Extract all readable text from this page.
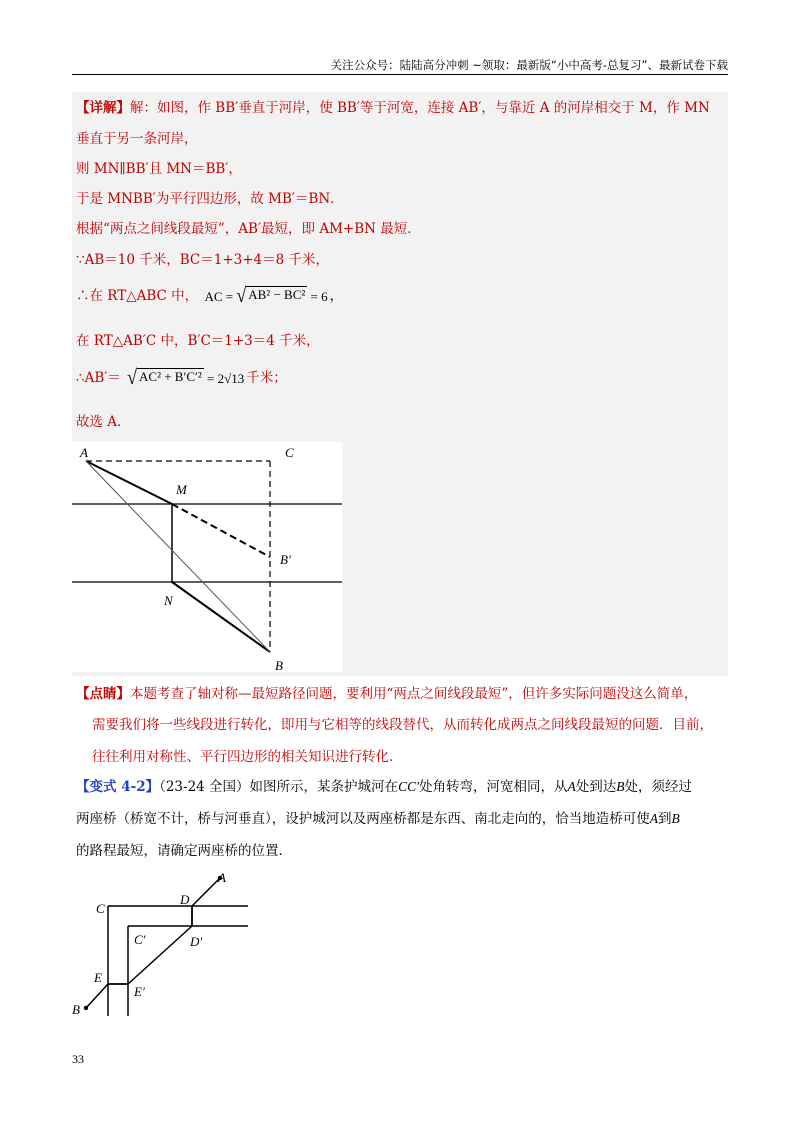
关注公众号：陆陆高分冲刺 ~领取：最新版“小中高考-总复习”、最新试卷下载
【详解】解：如图，作 BB′垂直于河岸，使 BB′等于河宽，连接 AB′，与靠近 A 的河岸相交于 M，作 MN
垂直于另一条河岸，
则 MN∥BB′且 MN＝BB′，
于是 MNBB′为平行四边形，故 MB′＝BN．
根据“两点之间线段最短”，AB′最短，即 AM+BN 最短．
∵AB＝10 千米，BC＝1+3+4＝8 千米，
∴在 RT△ABC 中， AC = √ AB² − BC² = 6 ，
在 RT△AB′C 中，B′C＝1+3＝4 千米，
∴AB′＝ √ AC² + B′C′² = 2√13 千米；
故选 A．
A	C
M
B′
N
B
【点睛】本题考查了轴对称—最短路径问题，要利用“两点之间线段最短”，但许多实际问题没这么简单，
需要我们将一些线段进行转化，即用与它相等的线段替代，从而转化成两点之间线段最短的问题．目前，
往往利用对称性、平行四边形的相关知识进行转化．
【变式 4-2】（23-24 全国）如图所示，某条护城河在CC′处角转弯，河宽相同，从A处到达B处，须经过
两座桥（桥宽不计，桥与河垂直），设护城河以及两座桥都是东西、南北走向的，恰当地造桥可使A到B
的路程最短，请确定两座桥的位置．
A
C
D
C′	D′
E
E′
B
33
